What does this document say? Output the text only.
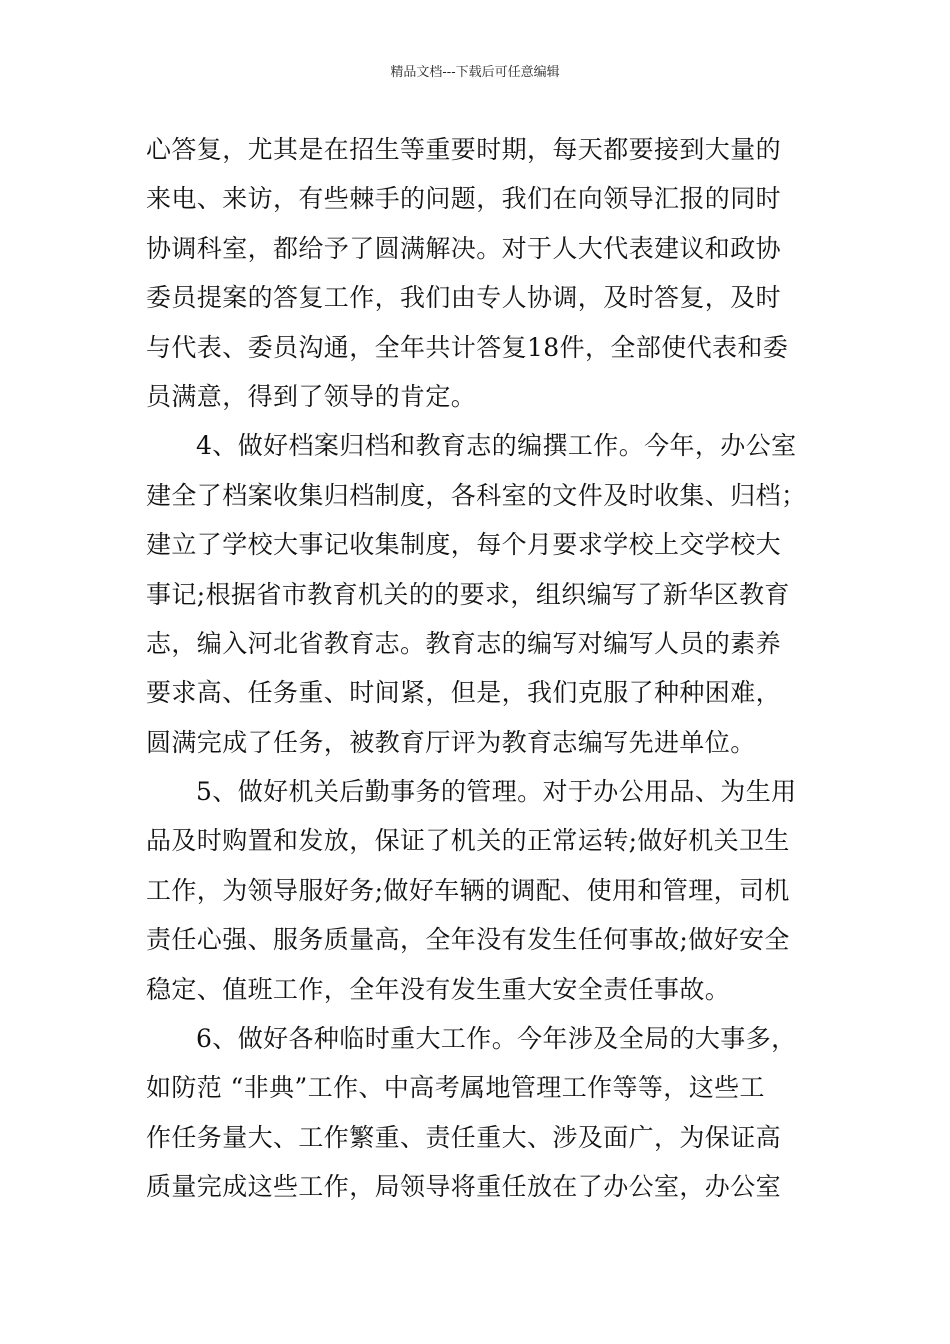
精品文档---下载后可任意编辑
心答复，尤其是在招生等重要时期，每天都要接到大量的
来电、来访，有些棘手的问题，我们在向领导汇报的同时
协调科室，都给予了圆满解决。对于人大代表建议和政协
委员提案的答复工作，我们由专人协调，及时答复，及时
与代表、委员沟通，全年共计答复18件，全部使代表和委
员满意，得到了领导的肯定。
4、做好档案归档和教育志的编撰工作。今年，办公室
建全了档案收集归档制度，各科室的文件及时收集、归档；
建立了学校大事记收集制度，每个月要求学校上交学校大
事记;根据省市教育机关的的要求，组织编写了新华区教育
志，编入河北省教育志。教育志的编写对编写人员的素养
要求高、任务重、时间紧，但是，我们克服了种种困难，
圆满完成了任务，被教育厅评为教育志编写先进单位。
5、做好机关后勤事务的管理。对于办公用品、为生用
品及时购置和发放，保证了机关的正常运转;做好机关卫生
工作，为领导服好务;做好车辆的调配、使用和管理，司机
责任心强、服务质量高，全年没有发生任何事故;做好安全
稳定、值班工作，全年没有发生重大安全责任事故。
6、做好各种临时重大工作。今年涉及全局的大事多，
如防范 “非典”工作、中高考属地管理工作等等，这些工
作任务量大、工作繁重、责任重大、涉及面广，为保证高
质量完成这些工作，局领导将重任放在了办公室，办公室
